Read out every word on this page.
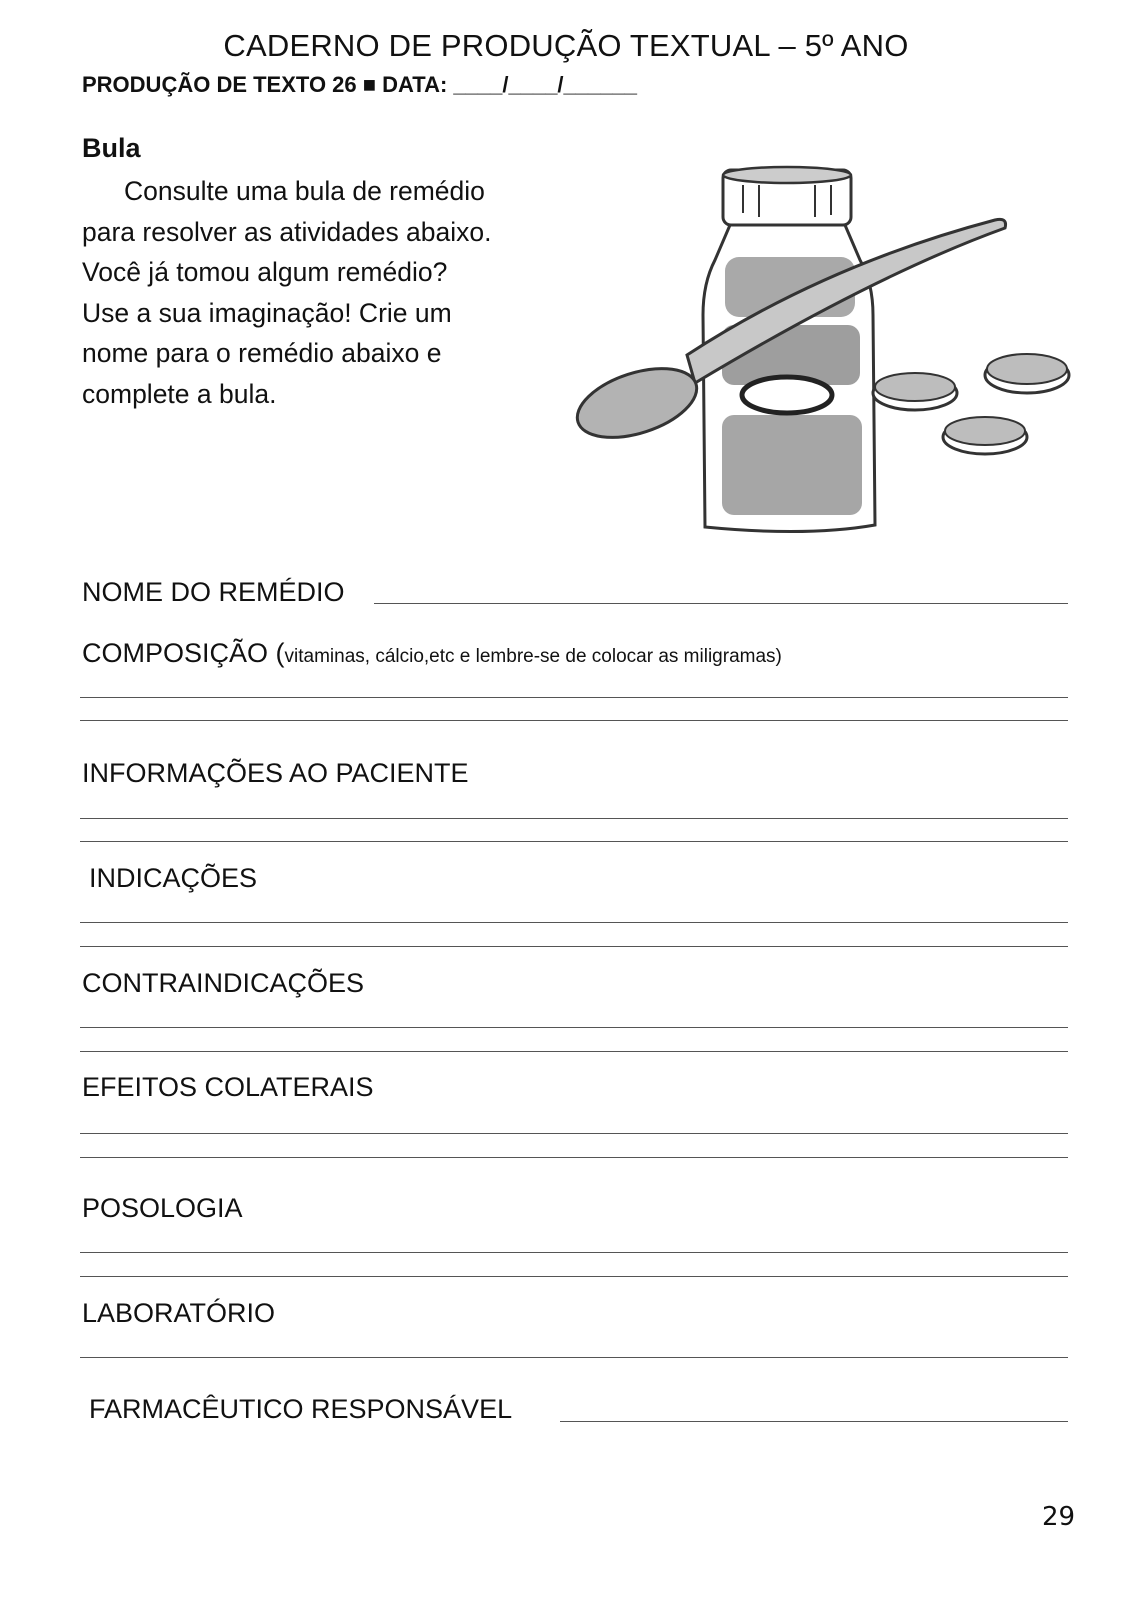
CADERNO DE PRODUÇÃO TEXTUAL – 5º ANO
PRODUÇÃO DE TEXTO 26 ■ DATA: ____/____/______
Bula
Consulte uma bula de remédio
para resolver as atividades abaixo.
Você já tomou algum remédio?
Use a sua imaginação! Crie um
nome para o remédio abaixo e
complete a bula.
NOME DO REMÉDIO
COMPOSIÇÃO (vitaminas, cálcio,etc e lembre-se de colocar as miligramas)
INFORMAÇÕES AO PACIENTE
INDICAÇÕES
CONTRAINDICAÇÕES
EFEITOS COLATERAIS
POSOLOGIA
LABORATÓRIO
FARMACÊUTICO RESPONSÁVEL
29
